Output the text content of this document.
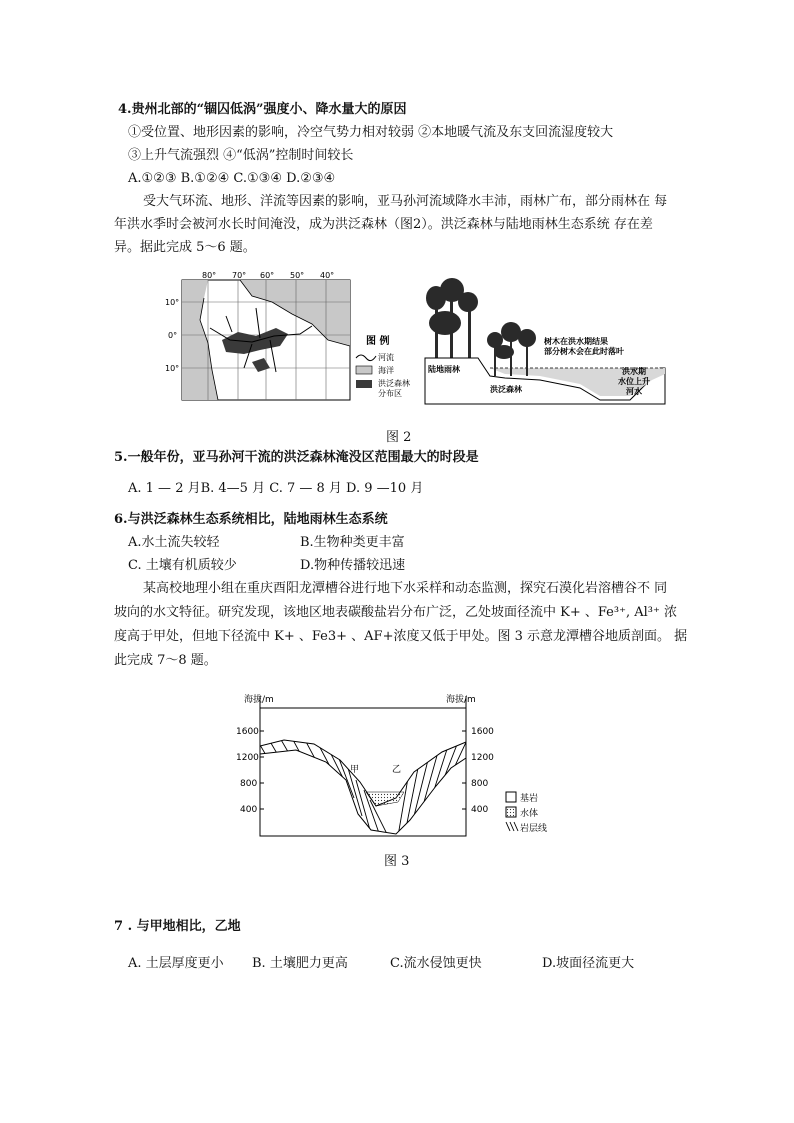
4.贵州北部的“锢囚低涡”强度小、降水量大的原因
①受位置、地形因素的影响，冷空气势力相对较弱 ②本地暖气流及东支回流湿度较大
③上升气流强烈 ④“低涡”控制时间较长
A.①②③ B.①②④ C.①③④ D.②③④
受大气环流、地形、洋流等因素的影响，亚马孙河流域降水丰沛，雨林广布，部分雨林在 每
年洪水季时会被河水长时间淹没，成为洪泛森林（图2）。洪泛森林与陆地雨林生态系统 存在差
异。据此完成 5～6 题。
80° 70° 60° 50° 40°
10°
0°
10°
图 例
河流
海洋
洪泛森林
分布区
陆地雨林
洪泛森林
树木在洪水期结果
部分树木会在此时落叶
洪水期
水位上升
河水
图 2
5.一般年份，亚马孙河干流的洪泛森林淹没区范围最大的时段是
A. 1 — 2 月B. 4—5 月 C. 7 — 8 月 D. 9 —10 月
6.与洪泛森林生态系统相比，陆地雨林生态系统
A.水土流失较轻	B.生物种类更丰富
C. 土壤有机质较少	D.物种传播较迅速
某高校地理小组在重庆酉阳龙潭槽谷进行地下水采样和动态监测，探究石漠化岩溶槽谷不 同
坡向的水文特征。研究发现，该地区地表碳酸盐岩分布广泛，乙处坡面径流中 K+ 、Fe³⁺, Al³⁺ 浓
度高于甲处，但地下径流中 K+ 、Fe3+ 、AF+浓度又低于甲处。图 3 示意龙潭槽谷地质剖面。 据
此完成 7～8 题。
海拔/m	海拔/m
1600
1200
800
400
1600
1200
800
400
甲	乙
基岩
水体
岩层线
图 3
7 . 与甲地相比，乙地
A. 土层厚度更小 B. 土壤肥力更高	C.流水侵蚀更快	D.坡面径流更大
